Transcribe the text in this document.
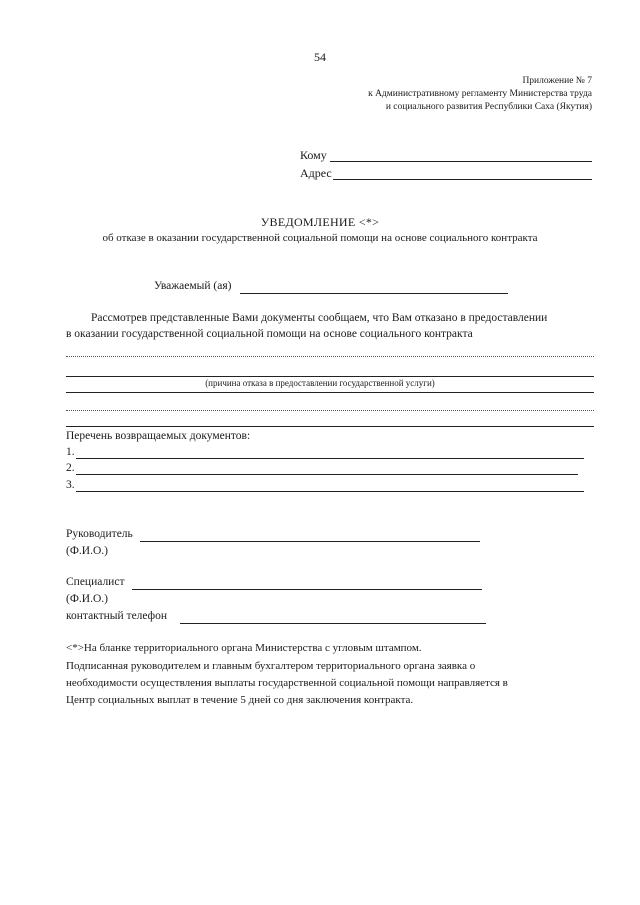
54
Приложение № 7
к Административному регламенту Министерства труда
и социального развития Республики Саха (Якутия)
Кому
Адрес
УВЕДОМЛЕНИЕ <*>
об отказе в оказании государственной социальной помощи на основе социального контракта
Уважаемый (ая)
Рассмотрев представленные Вами документы сообщаем, что Вам отказано в предоставлении
в оказании государственной социальной помощи на основе социального контракта
(причина отказа в предоставлении государственной услуги)
Перечень возвращаемых документов:
1.
2.
3.
Руководитель
(Ф.И.О.)
Специалист
(Ф.И.О.)
контактный телефон
<*>На бланке территориального органа Министерства с угловым штампом.
Подписанная руководителем и главным бухгалтером территориального органа заявка о
необходимости осуществления выплаты государственной социальной помощи направляется в
Центр социальных выплат в течение 5 дней со дня заключения контракта.
